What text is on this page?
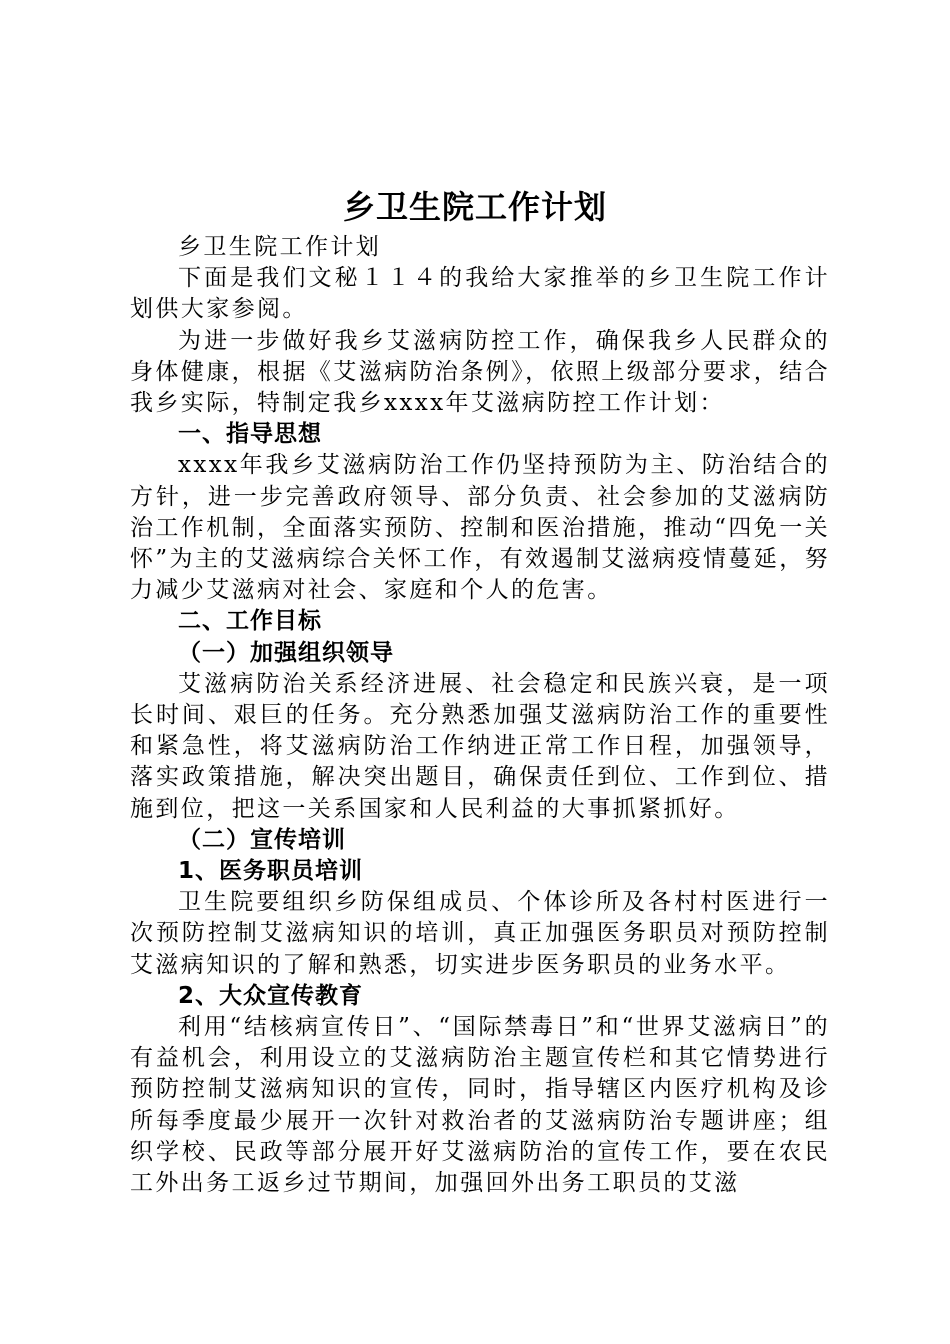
乡卫生院工作计划

乡卫生院工作计划

下面是我们文秘１１４的我给大家推举的乡卫生院工作计划供大家参阅。

为进一步做好我乡艾滋病防控工作，确保我乡人民群众的身体健康，根据《艾滋病防治条例》，依照上级部分要求，结合我乡实际，特制定我乡xxxx年艾滋病防控工作计划：

一、指导思想

xxxx年我乡艾滋病防治工作仍坚持预防为主、防治结合的方针，进一步完善政府领导、部分负责、社会参加的艾滋病防治工作机制，全面落实预防、控制和医治措施，推动“四免一关怀”为主的艾滋病综合关怀工作，有效遏制艾滋病疫情蔓延，努力减少艾滋病对社会、家庭和个人的危害。

二、工作目标

（一）加强组织领导

艾滋病防治关系经济进展、社会稳定和民族兴衰，是一项长时间、艰巨的任务。充分熟悉加强艾滋病防治工作的重要性和紧急性，将艾滋病防治工作纳进正常工作日程，加强领导，落实政策措施，解决突出题目，确保责任到位、工作到位、措施到位，把这一关系国家和人民利益的大事抓紧抓好。

（二）宣传培训

1、医务职员培训

卫生院要组织乡防保组成员、个体诊所及各村村医进行一次预防控制艾滋病知识的培训，真正加强医务职员对预防控制艾滋病知识的了解和熟悉，切实进步医务职员的业务水平。

2、大众宣传教育

利用“结核病宣传日”、“国际禁毒日”和“世界艾滋病日”的有益机会，利用设立的艾滋病防治主题宣传栏和其它情势进行预防控制艾滋病知识的宣传，同时，指导辖区内医疗机构及诊所每季度最少展开一次针对救治者的艾滋病防治专题讲座；组织学校、民政等部分展开好艾滋病防治的宣传工作，要在农民工外出务工返乡过节期间，加强回外出务工职员的艾滋
